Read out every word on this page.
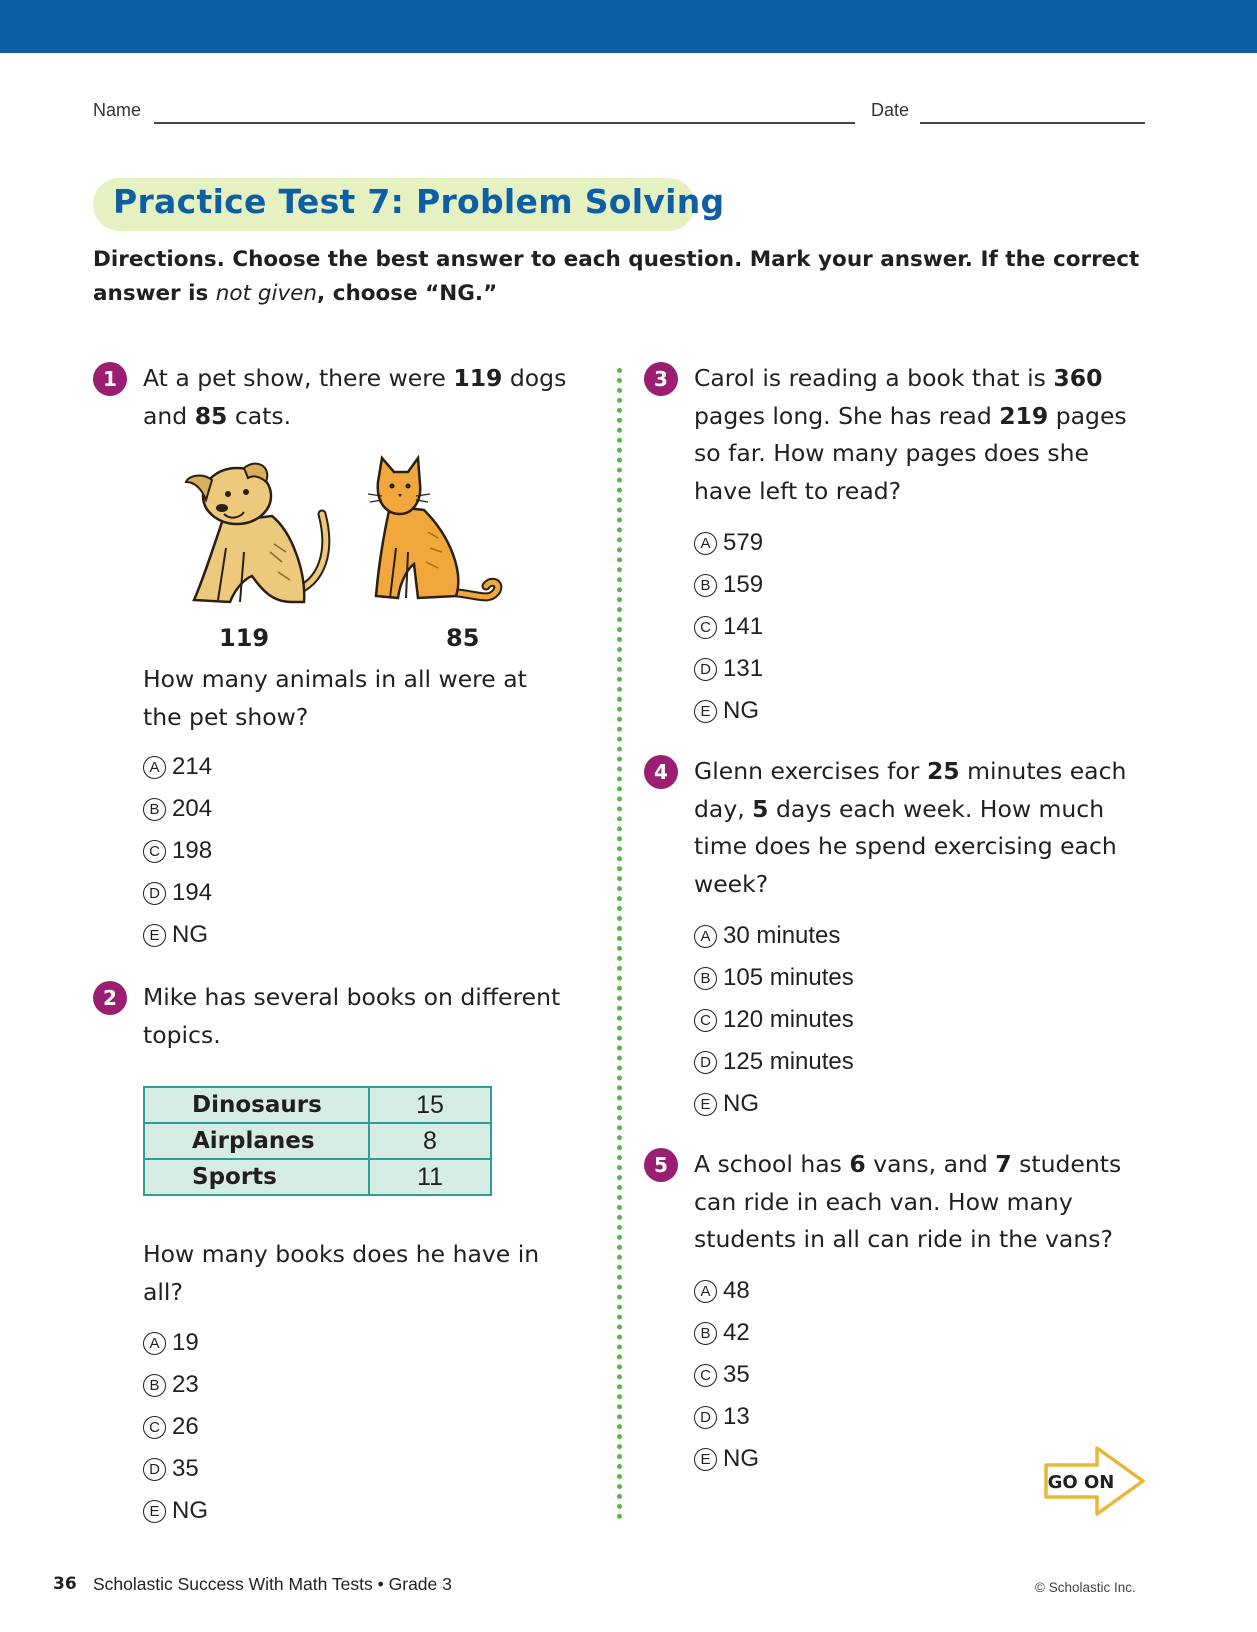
Name	Date
Practice Test 7: Problem Solving
Directions. Choose the best answer to each question. Mark your answer. If the correct answer is not given, choose “NG.”
1	At a pet show, there were 119 dogs and 85 cats.
119	85
How many animals in all were at the pet show?
A 214
B 204
C 198
D 194
E NG
2	Mike has several books on different topics.
Dinosaurs	15
Airplanes	8
Sports	11
How many books does he have in all?
A 19
B 23
C 26
D 35
E NG
3	Carol is reading a book that is 360 pages long. She has read 219 pages so far. How many pages does she have left to read?
A 579
B 159
C 141
D 131
E NG
4	Glenn exercises for 25 minutes each day, 5 days each week. How much time does he spend exercising each week?
A 30 minutes
B 105 minutes
C 120 minutes
D 125 minutes
E NG
5	A school has 6 vans, and 7 students can ride in each van. How many students in all can ride in the vans?
A 48
B 42
C 35
D 13
E NG
GO ON
36 Scholastic Success With Math Tests • Grade 3	© Scholastic Inc.
